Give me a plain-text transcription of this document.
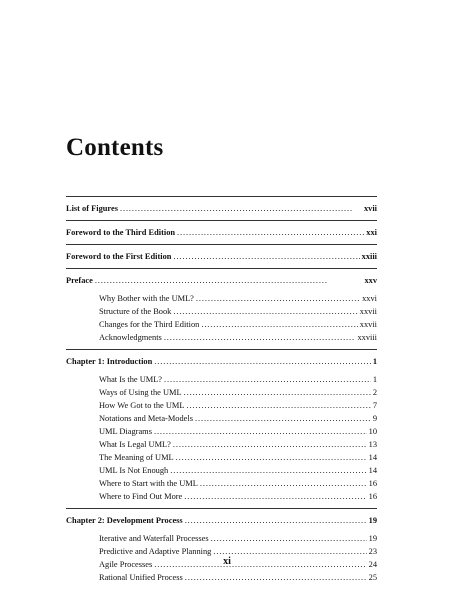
Contents
List of Figures . . .	xvii
Foreword to the Third Edition . . .	xxi
Foreword to the First Edition . . .	xxiii
Preface . . .	xxv
Why Bother with the UML? . . .	xxvi
Structure of the Book . . .	xxvii
Changes for the Third Edition . . .	xxvii
Acknowledgments . . .	xxviii
Chapter 1: Introduction . . .	1
What Is the UML? . . .	1
Ways of Using the UML . . .	2
How We Got to the UML . . .	7
Notations and Meta-Models . . .	9
UML Diagrams . . .	10
What Is Legal UML? . . .	13
The Meaning of UML . . .	14
UML Is Not Enough . . .	14
Where to Start with the UML . . .	16
Where to Find Out More . . .	16
Chapter 2: Development Process . . .	19
Iterative and Waterfall Processes . . .	19
Predictive and Adaptive Planning . . .	23
Agile Processes . . .	24
Rational Unified Process . . .	25
xi
